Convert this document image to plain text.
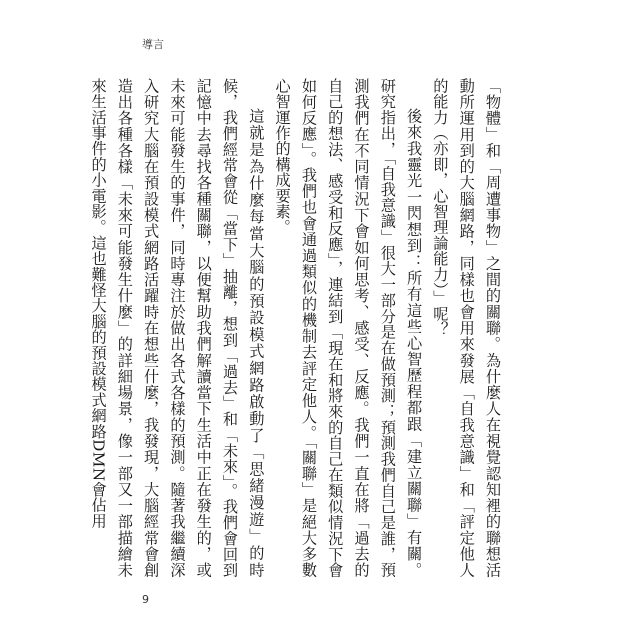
導言

「物體」和「周遭事物」之間的關聯。為什麼人在視覺認知裡的聯想活動所運用到的大腦網路，同樣也會用來發展「自我意識」和「評定他人的能力（亦即，心智理論能力）」呢？

後來我靈光一閃想到：所有這些心智歷程都跟「建立關聯」有關。研究指出，「自我意識」很大一部分是在做預測；預測我們自己是誰，預測我們在不同情況下會如何思考、感受、反應。我們一直在將「過去的自己的想法、感受和反應」，連結到「現在和將來的自己在類似情況下會如何反應」。我們也會通過類似的機制去評定他人。「關聯」是絕大多數心智運作的構成要素。

這就是為什麼每當大腦的預設模式網路啟動了「思緒漫遊」的時候，我們經常會從「當下」抽離，想到「過去」和「未來」。我們會回到記憶中去尋找各種關聯，以便幫助我們解讀當下生活中正在發生的，或未來可能發生的事件，同時專注於做出各式各樣的預測。隨著我繼續深入研究大腦在預設模式網路活躍時在想些什麼，我發現，大腦經常會創造出各種各樣「未來可能發生什麼」的詳細場景，像一部又一部描繪未來生活事件的小電影。這也難怪大腦的預設模式網路DMN會佔用

9
